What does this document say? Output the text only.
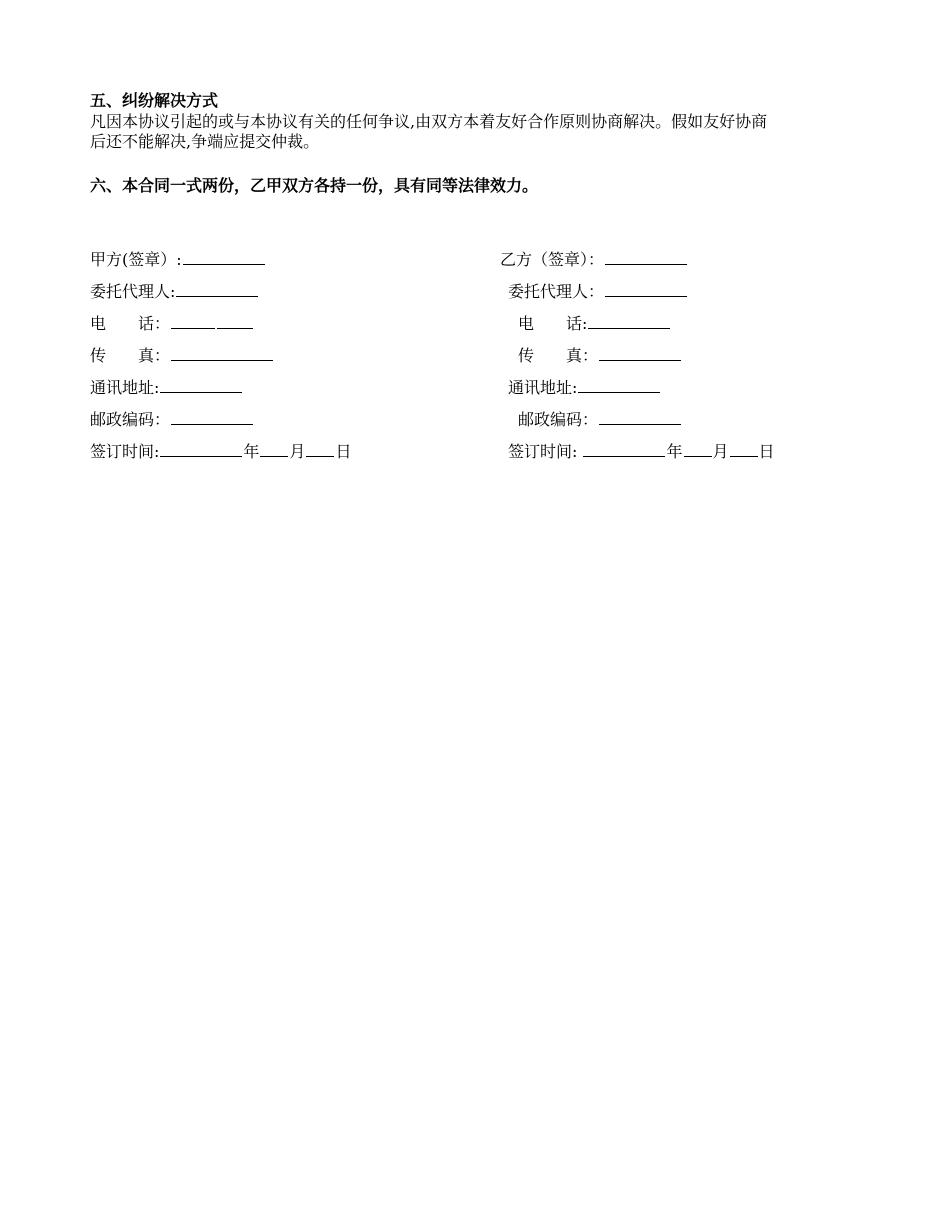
五、纠纷解决方式
凡因本协议引起的或与本协议有关的任何争议,由双方本着友好合作原则协商解决。假如友好协商
后还不能解决,争端应提交仲裁。
六、本合同一式两份，乙甲双方各持一份，具有同等法律效力。
甲方(签章）:
委托代理人:
电　　话：
传　　真：
通讯地址:
邮政编码：
签订时间:	年 月 日
乙方（签章）：
委托代理人：
电　　话:
传　　真：
通讯地址:
邮政编码：
签订时间:	年 月 日
